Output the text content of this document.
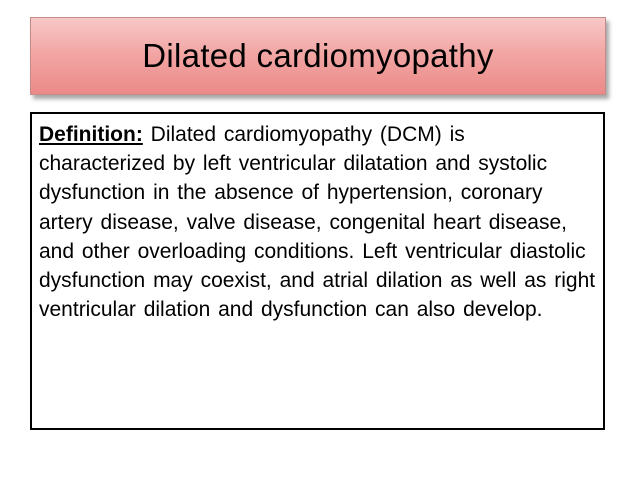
Dilated cardiomyopathy

Definition: Dilated cardiomyopathy (DCM) is characterized by left ventricular dilatation and systolic dysfunction in the absence of hypertension, coronary artery disease, valve disease, congenital heart disease, and other overloading conditions. Left ventricular diastolic dysfunction may coexist, and atrial dilation as well as right ventricular dilation and dysfunction can also develop.
